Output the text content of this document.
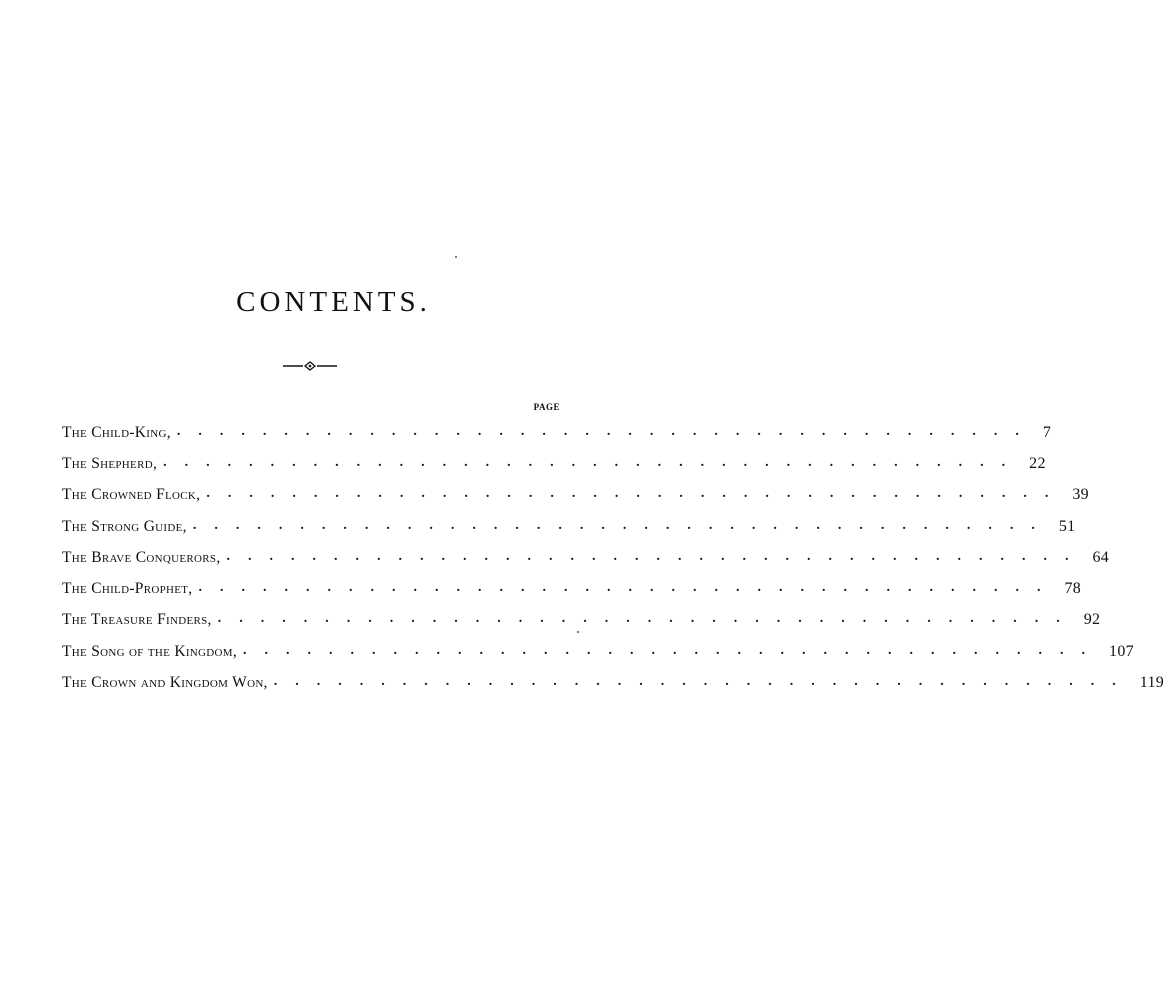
CONTENTS.
PAGE
The Child-King, ........................................ 7
The Shepherd, ........................................ 22
The Crowned Flock, ........................................ 39
The Strong Guide, ........................................ 51
The Brave Conquerors, ........................................ 64
The Child-Prophet, ........................................ 78
The Treasure Finders, ........................................ 92
The Song of the Kingdom, ........................................ 107
The Crown and Kingdom Won, ........................................ 119
